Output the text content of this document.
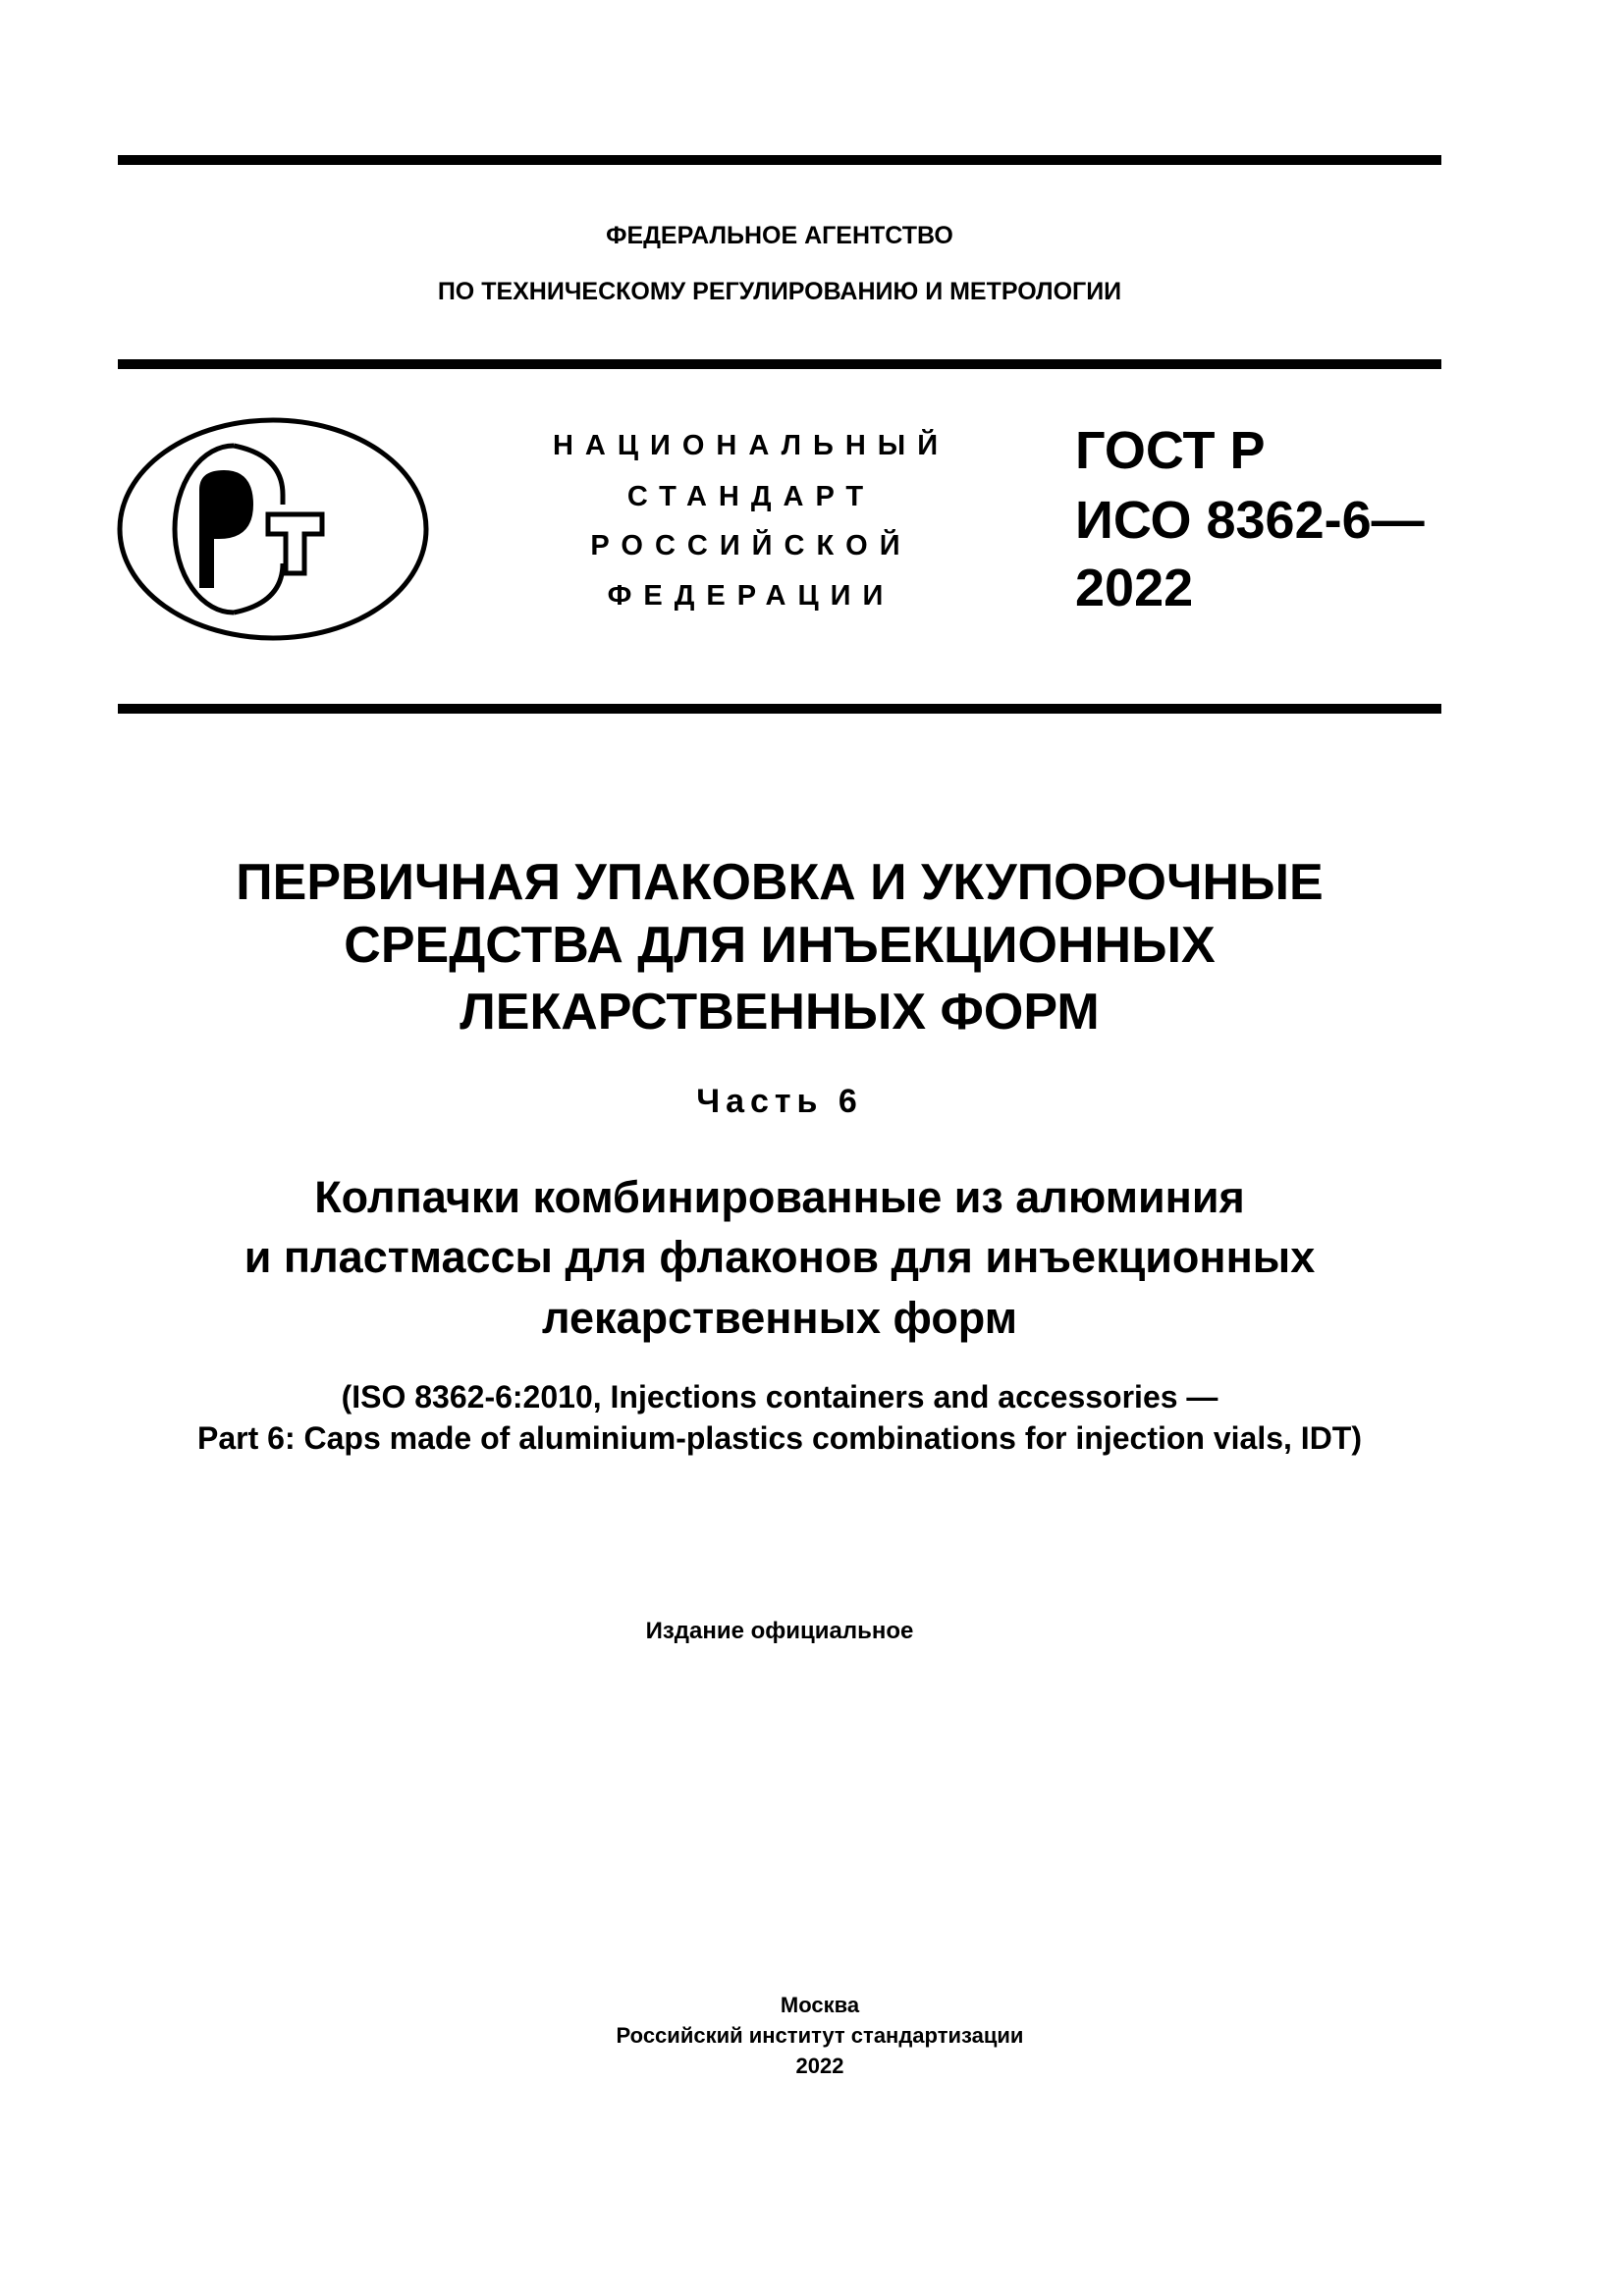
ФЕДЕРАЛЬНОЕ АГЕНТСТВО
ПО ТЕХНИЧЕСКОМУ РЕГУЛИРОВАНИЮ И МЕТРОЛОГИИ
НАЦИОНАЛЬНЫЙ
СТАНДАРТ
РОССИЙСКОЙ
ФЕДЕРАЦИИ
ГОСТ Р
ИСО 8362-6—
2022
ПЕРВИЧНАЯ УПАКОВКА И УКУПОРОЧНЫЕ
СРЕДСТВА ДЛЯ ИНЪЕКЦИОННЫХ
ЛЕКАРСТВЕННЫХ ФОРМ
Часть 6
Колпачки комбинированные из алюминия
и пластмассы для флаконов для инъекционных
лекарственных форм
(ISO 8362-6:2010, Injections containers and accessories —
Part 6: Caps made of aluminium-plastics combinations for injection vials, IDT)
Издание официальное
Москва
Российский институт стандартизации
2022
